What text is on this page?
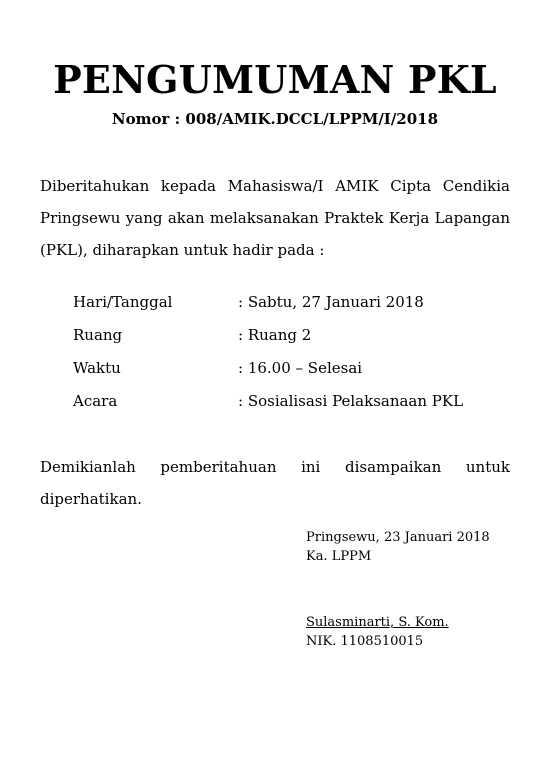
PENGUMUMAN PKL
Nomor : 008/AMIK.DCCL/LPPM/I/2018
Diberitahukan kepada Mahasiswa/I AMIK Cipta Cendikia Pringsewu yang akan melaksanakan Praktek Kerja Lapangan (PKL), diharapkan untuk hadir pada :
Hari/Tanggal	: Sabtu, 27 Januari 2018
Ruang	: Ruang 2
Waktu	: 16.00 – Selesai
Acara	: Sosialisasi Pelaksanaan PKL
Demikianlah pemberitahuan ini disampaikan untuk diperhatikan.
Pringsewu, 23 Januari 2018
Ka. LPPM
Sulasminarti, S. Kom.
NIK. 1108510015
